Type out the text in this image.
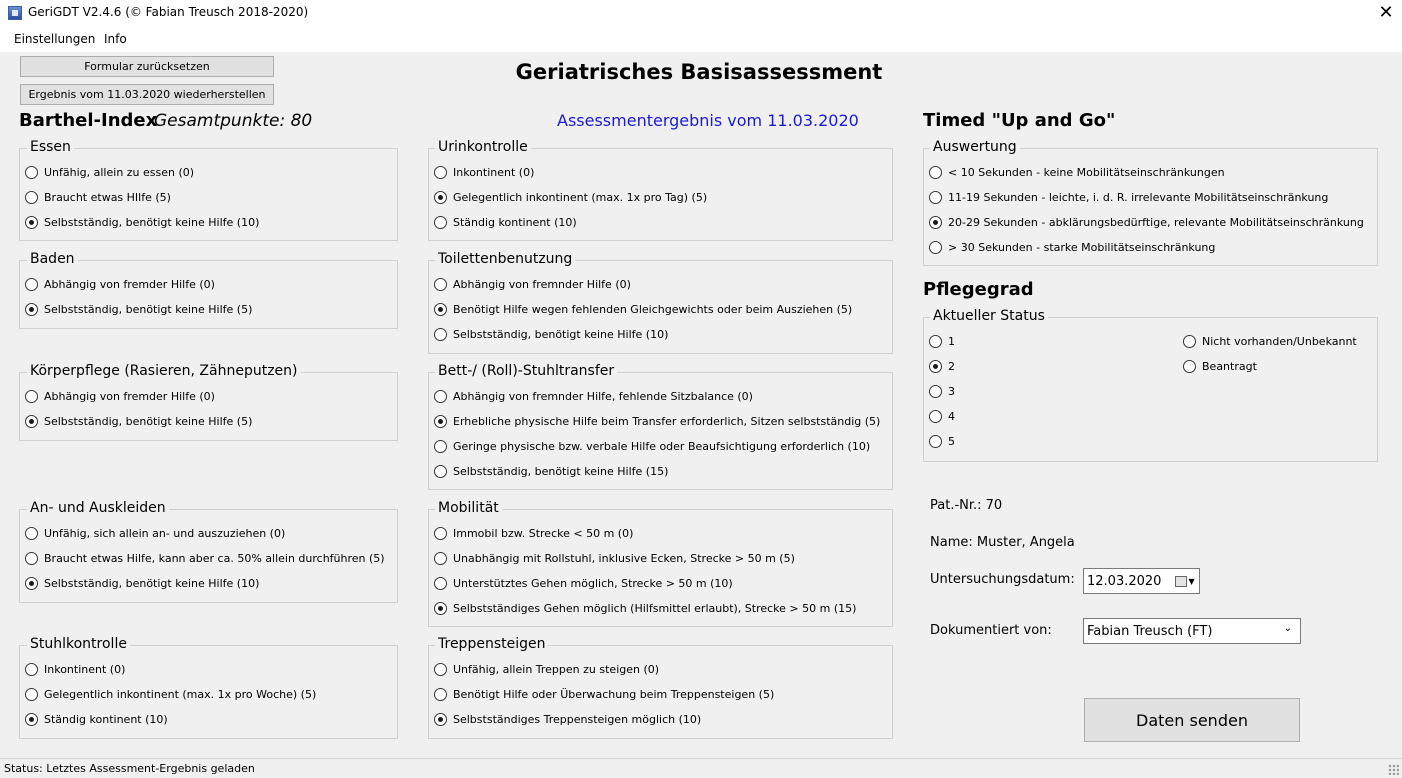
GeriGDT V2.4.6 (© Fabian Treusch 2018-2020)	✕
Einstellungen Info
Formular zurücksetzen
Ergebnis vom 11.03.2020 wiederherstellen
Geriatrisches Basisassessment
Barthel-Index
Gesamtpunkte: 80	Assessmentergebnis vom 11.03.2020	Timed "Up and Go"
Pflegegrad
Essen
Unfähig, allein zu essen (0)
Braucht etwas HIlfe (5)
Selbstständig, benötigt keine Hilfe (10)
Baden
Abhängig von fremder Hilfe (0)
Selbstständig, benötigt keine Hilfe (5)
Körperpflege (Rasieren, Zähneputzen)
Abhängig von fremder Hilfe (0)
Selbstständig, benötigt keine Hilfe (5)
An- und Auskleiden
Unfähig, sich allein an- und auszuziehen (0)
Braucht etwas Hilfe, kann aber ca. 50% allein durchführen (5)
Selbstständig, benötigt keine Hilfe (10)
Stuhlkontrolle
Inkontinent (0)
Gelegentlich inkontinent (max. 1x pro Woche) (5)
Ständig kontinent (10)
Urinkontrolle
Inkontinent (0)
Gelegentlich inkontinent (max. 1x pro Tag) (5)
Ständig kontinent (10)
Toilettenbenutzung
Abhängig von fremnder Hilfe (0)
Benötigt Hilfe wegen fehlenden Gleichgewichts oder beim Ausziehen (5)
Selbstständig, benötigt keine Hilfe (10)
Bett-/ (Roll)-Stuhltransfer
Abhängig von fremnder Hilfe, fehlende Sitzbalance (0)
Erhebliche physische Hilfe beim Transfer erforderlich, Sitzen selbstständig (5)
Geringe physische bzw. verbale Hilfe oder Beaufsichtigung erforderlich (10)
Selbstständig, benötigt keine Hilfe (15)
Mobilität
Immobil bzw. Strecke < 50 m (0)
Unabhängig mit Rollstuhl, inklusive Ecken, Strecke > 50 m (5)
Unterstütztes Gehen möglich, Strecke > 50 m (10)
Selbstständiges Gehen möglich (Hilfsmittel erlaubt), Strecke > 50 m (15)
Treppensteigen
Unfähig, allein Treppen zu steigen (0)
Benötigt Hilfe oder Überwachung beim Treppensteigen (5)
Selbstständiges Treppensteigen möglich (10)
Auswertung
< 10 Sekunden - keine Mobilitätseinschränkungen
11-19 Sekunden - leichte, i. d. R. irrelevante Mobilitätseinschränkung
20-29 Sekunden - abklärungsbedürftige, relevante Mobilitätseinschränkung
> 30 Sekunden - starke Mobilitätseinschränkung
Aktueller Status
1
2
3
4
5
Nicht vorhanden/Unbekannt
Beantragt
Pat.-Nr.: 70
Name: Muster, Angela
Untersuchungsdatum: 12.03.2020	▼
Dokumentiert von:	Fabian Treusch (FT)	⌄
Daten senden
Status: Letztes Assessment-Ergebnis geladen
